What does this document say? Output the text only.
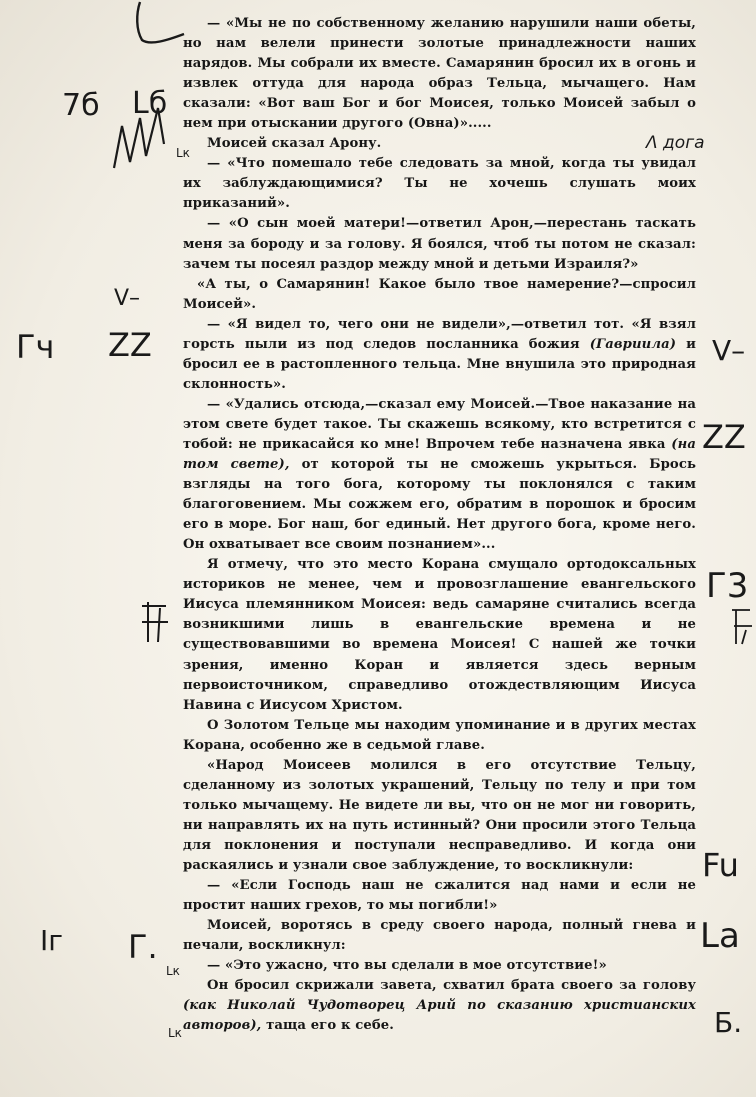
7б Lб
Lк	Λ дога
V–
Гч ZZ	V–
ZZ
Г3
Fu
Iг Г.	Lа
Lк
Б.
Lк

— «Мы не по собственному желанию нарушили наши обеты, но нам велели принести золотые принадлежности наших нарядов. Мы собрали их вместе. Самарянин бросил их в огонь и извлек оттуда для народа образ Тельца, мычащего. Нам сказали: «Вот ваш Бог и бог Моисея, только Моисей забыл о нем при отыскании другого (Овна)».....

Моисей сказал Арону.

— «Что помешало тебе следовать за мной, когда ты увидал их заблуждающимися? Ты не хочешь слушать моих приказаний».

— «О сын моей матери!—ответил Арон,—перестань таскать меня за бороду и за голову. Я боялся, чтоб ты потом не сказал: зачем ты посеял раздор между мной и детьми Израиля?»

«А ты, о Самарянин! Какое было твое намерение?—спросил Моисей».

— «Я видел то, чего они не видели»,—ответил тот. «Я взял горсть пыли из под следов посланника божия (Гавриила) и бросил ее в растопленного тельца. Мне внушила это природная склонность».

— «Удались отсюда,—сказал ему Моисей.—Твое наказание на этом свете будет такое. Ты скажешь всякому, кто встретится с тобой: не прикасайся ко мне! Впрочем тебе назначена явка (на том свете), от которой ты не сможешь укрыться. Брось взгляды на того бога, которому ты поклонялся с таким благоговением. Мы сожжем его, обратим в порошок и бросим его в море. Бог наш, бог единый. Нет другого бога, кроме него. Он охватывает все своим познанием»...

Я отмечу, что это место Корана смущало ортодоксальных историков не менее, чем и провозглашение евангельского Иисуса племянником Моисея: ведь самаряне считались всегда возникшими лишь в евангельские времена и не существовавшими во времена Моисея! С нашей же точки зрения, именно Коран и является здесь верным первоисточником, справедливо отождествляющим Иисуса Навина с Иисусом Христом.

О Золотом Тельце мы находим упоминание и в других местах Корана, особенно же в седьмой главе.

«Народ Моисеев молился в его отсутствие Тельцу, сделанному из золотых украшений, Тельцу по телу и при том только мычащему. Не видете ли вы, что он не мог ни говорить, ни направлять их на путь истинный? Они просили этого Тельца для поклонения и поступали несправедливо. И когда они раскаялись и узнали свое заблуждение, то воскликнули:

— «Если Господь наш не сжалится над нами и если не простит наших грехов, то мы погибли!»

Моисей, воротясь в среду своего народа, полный гнева и печали, воскликнул:

— «Это ужасно, что вы сделали в мое отсутствие!»

Он бросил скрижали завета, схватил брата своего за голову (как Николай Чудотворец Арий по сказанию христианских авторов), таща его к себе.
